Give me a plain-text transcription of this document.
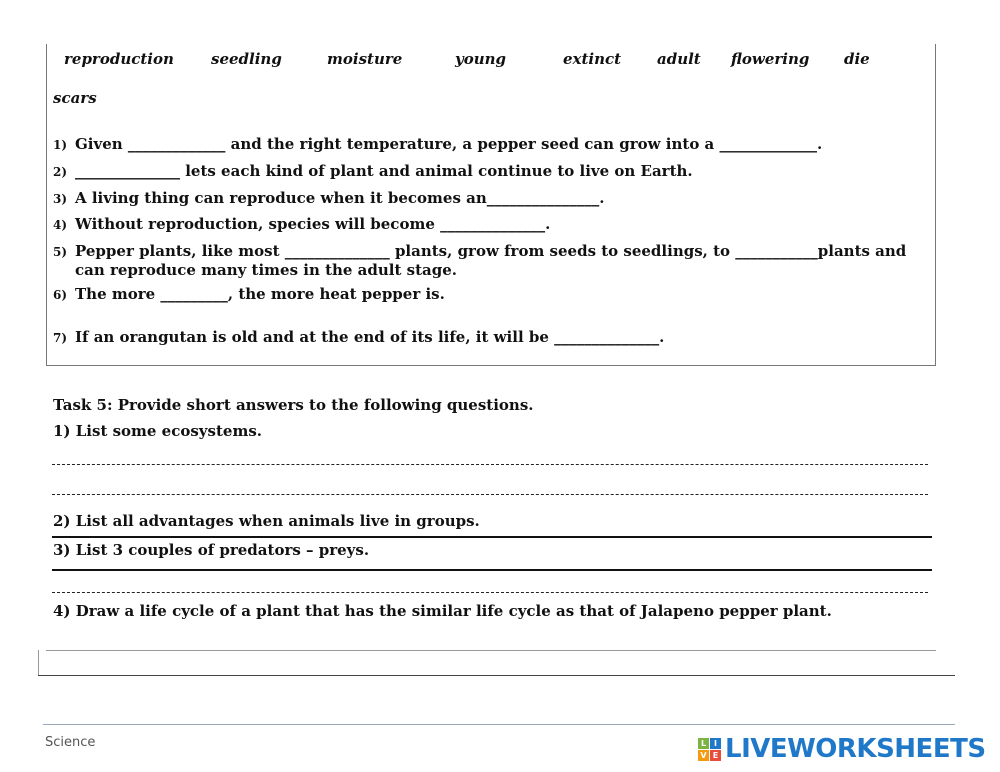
reproduction seedling	moisture	young	extinct adult flowering die
scars
1) Given _____________ and the right temperature, a pepper seed can grow into a _____________.
2) ______________ lets each kind of plant and animal continue to live on Earth.
3) A living thing can reproduce when it becomes an_______________.
4) Without reproduction, species will become ______________.
5) Pepper plants, like most ______________ plants, grow from seeds to seedlings, to ___________plants and can reproduce many times in the adult stage.
6) The more _________, the more heat pepper is.
7) If an orangutan is old and at the end of its life, it will be ______________.
Task 5: Provide short answers to the following questions.
1) List some ecosystems.
2) List all advantages when animals live in groups.
3) List 3 couples of predators – preys.
4) Draw a life cycle of a plant that has the similar life cycle as that of Jalapeno pepper plant.
Science	L I
V E LIVEWORKSHEETS
